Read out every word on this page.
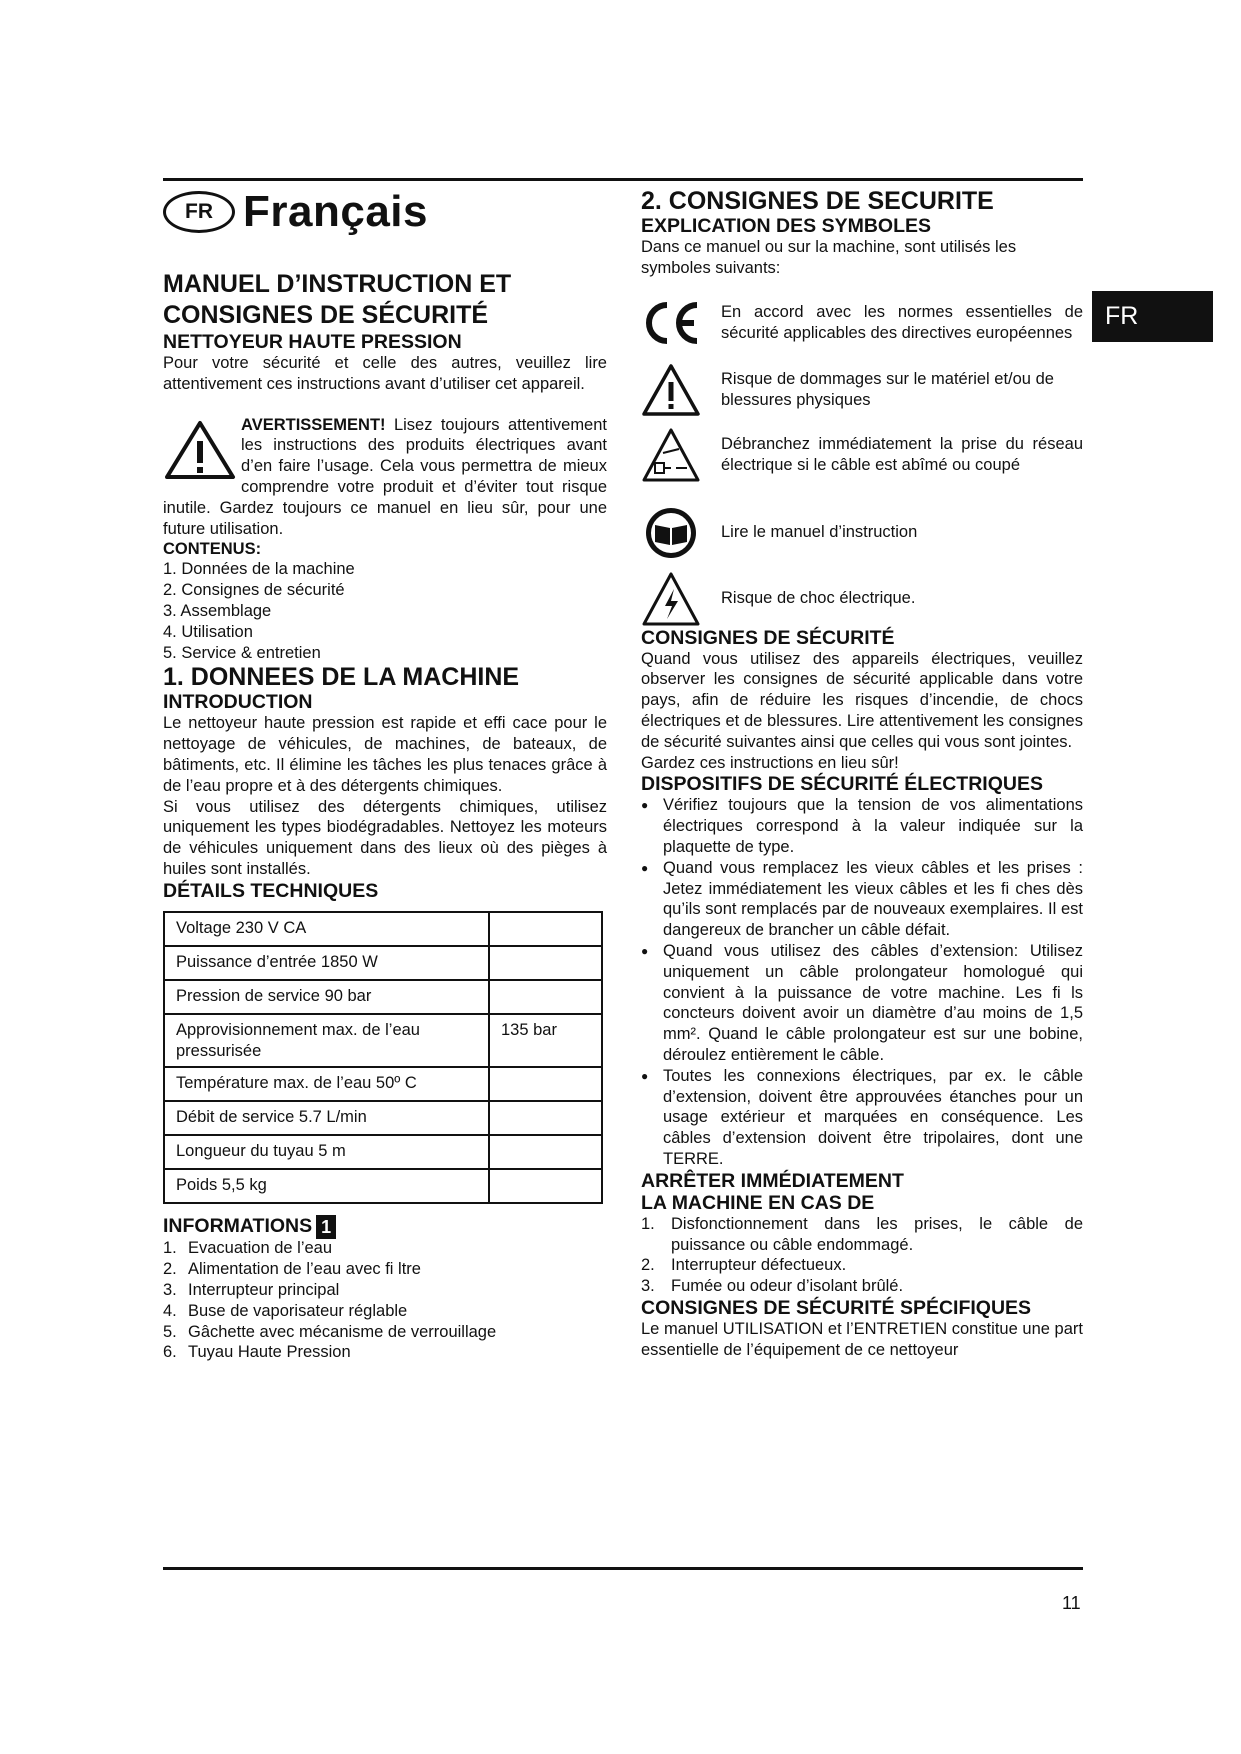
FR
FR Français
MANUEL D’INSTRUCTION ET CONSIGNES DE SÉCURITÉ
NETTOYEUR HAUTE PRESSION

Pour votre sécurité et celle des autres, veuillez lire attentivement ces instructions avant d’utiliser cet appareil.

AVERTISSEMENT! Lisez toujours attentivement les instructions des produits électriques avant d’en faire l’usage. Cela vous permettra de mieux comprendre votre produit et d’éviter tout risque inutile. Gardez toujours ce manuel en lieu sûr, pour une future utilisation.
CONTENUS:
1. Données de la machine
2. Consignes de sécurité
3. Assemblage
4. Utilisation
5. Service & entretien
1. DONNEES DE LA MACHINE
INTRODUCTION

Le nettoyeur haute pression est rapide et effi cace pour le nettoyage de véhicules, de machines, de bateaux, de bâtiments, etc. Il élimine les tâches les plus tenaces grâce à de l’eau propre et à des détergents chimiques.

Si vous utilisez des détergents chimiques, utilisez uniquement les types biodégradables. Nettoyez les moteurs de véhicules uniquement dans des lieux où des pièges à huiles sont installés.

DÉTAILS TECHNIQUES
Voltage 230 V CA	
Puissance d’entrée 1850 W	
Pression de service 90 bar	
Approvisionnement max. de l’eau pressurisée	135 bar
Température max. de l’eau 50º C	
Débit de service 5.7 L/min	
Longueur du tuyau 5 m	
Poids 5,5 kg	
INFORMATIONS 1
1. Evacuation de l’eau
2. Alimentation de l’eau avec fi ltre
3. Interrupteur principal
4. Buse de vaporisateur réglable
5. Gâchette avec mécanisme de verrouillage
6. Tuyau Haute Pression
2. CONSIGNES DE SECURITE
EXPLICATION DES SYMBOLES

Dans ce manuel ou sur la machine, sont utilisés les symboles suivants:

En accord avec les normes essentielles de sécurité applicables des directives européennes
Risque de dommages sur le matériel et/ou de blessures physiques
Débranchez immédiatement la prise du réseau électrique si le câble est abîmé ou coupé
Lire le manuel d’instruction
Risque de choc électrique.
CONSIGNES DE SÉCURITÉ

Quand vous utilisez des appareils électriques, veuillez observer les consignes de sécurité applicable dans votre pays, afin de réduire les risques d’incendie, de chocs électriques et de blessures. Lire attentivement les consignes de sécurité suivantes ainsi que celles qui vous sont jointes.

Gardez ces instructions en lieu sûr!

DISPOSITIFS DE SÉCURITÉ ÉLECTRIQUES
● Vérifiez toujours que la tension de vos alimentations électriques correspond à la valeur indiquée sur la plaquette de type.
● Quand vous remplacez les vieux câbles et les prises : Jetez immédiatement les vieux câbles et les fi ches dès qu’ils sont remplacés par de nouveaux exemplaires. Il est dangereux de brancher un câble défait.
● Quand vous utilisez des câbles d’extension: Utilisez uniquement un câble prolongateur homologué qui convient à la puissance de votre machine. Les fi ls concteurs doivent avoir un diamètre d’au moins de 1,5 mm². Quand le câble prolongateur est sur une bobine, déroulez entièrement le câble.
● Toutes les connexions électriques, par ex. le câble d’extension, doivent être approuvées étanches pour un usage extérieur et marquées en conséquence. Les câbles d’extension doivent être tripolaires, dont une TERRE.
ARRÊTER IMMÉDIATEMENT
LA MACHINE EN CAS DE
1. Disfonctionnement dans les prises, le câble de puissance ou câble endommagé.
2. Interrupteur défectueux.
3. Fumée ou odeur d’isolant brûlé.
CONSIGNES DE SÉCURITÉ SPÉCIFIQUES

Le manuel UTILISATION et l’ENTRETIEN constitue une part essentielle de l’équipement de ce nettoyeur

11
